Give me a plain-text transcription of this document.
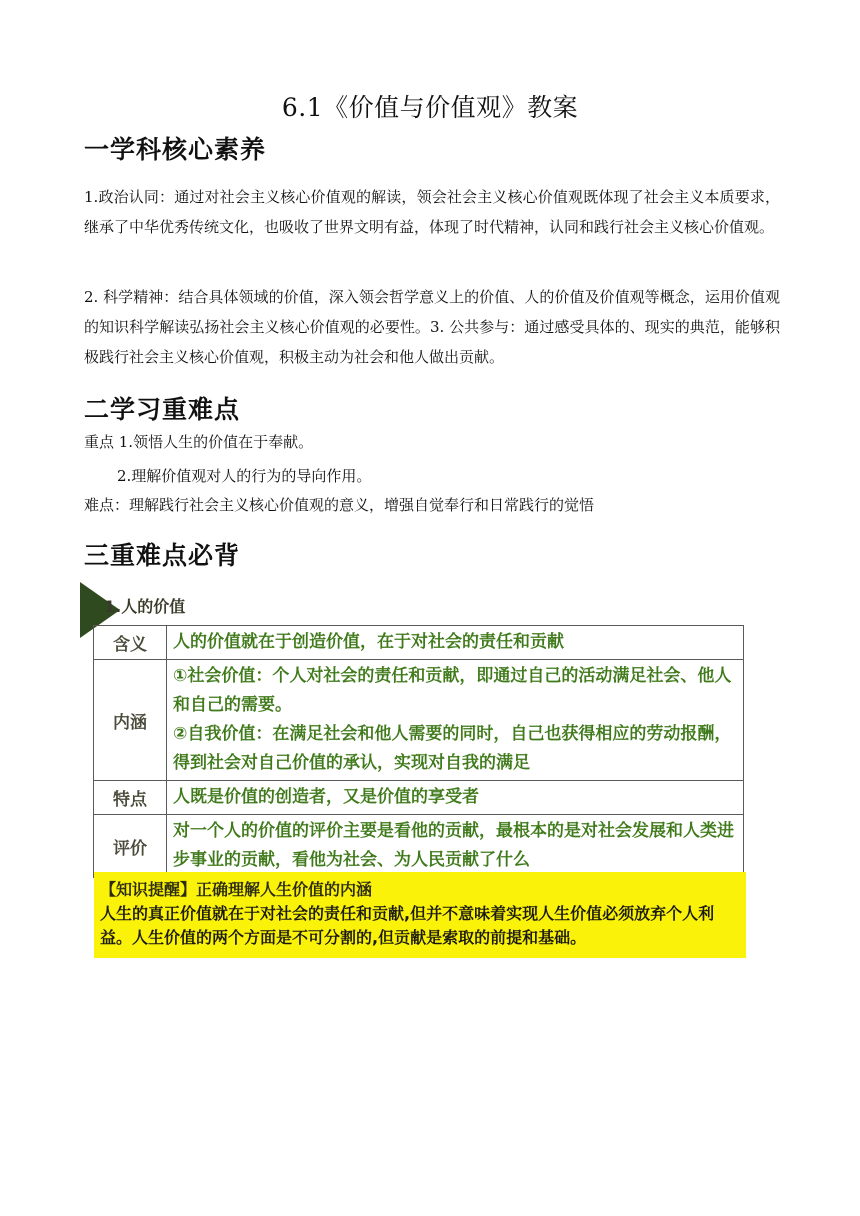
6.1《价值与价值观》教案
一学科核心素养
1.政治认同：通过对社会主义核心价值观的解读，领会社会主义核心价值观既体现了社会主义本质要求，继承了中华优秀传统文化，也吸收了世界文明有益，体现了时代精神，认同和践行社会主义核心价值观。
2. 科学精神：结合具体领域的价值，深入领会哲学意义上的价值、人的价值及价值观等概念，运用价值观的知识科学解读弘扬社会主义核心价值观的必要性。3. 公共参与：通过感受具体的、现实的典范，能够积极践行社会主义核心价值观，积极主动为社会和他人做出贡献。
二学习重难点
重点 1.领悟人生的价值在于奉献。
2.理解价值观对人的行为的导向作用。
难点：理解践行社会主义核心价值观的意义，增强自觉奉行和日常践行的觉悟
三重难点必背
1.人的价值
含义	人的价值就在于创造价值，在于对社会的责任和贡献
内涵	①社会价值：个人对社会的责任和贡献，即通过自己的活动满足社会、他人和自己的需要。
②自我价值：在满足社会和他人需要的同时，自己也获得相应的劳动报酬，得到社会对自己价值的承认，实现对自我的满足

特点	人既是价值的创造者，又是价值的享受者
评价	对一个人的价值的评价主要是看他的贡献，最根本的是对社会发展和人类进步事业的贡献，看他为社会、为人民贡献了什么
【知识提醒】正确理解人生价值的内涵
人生的真正价值就在于对社会的责任和贡献,但并不意味着实现人生价值必须放弃个人利益。人生价值的两个方面是不可分割的,但贡献是索取的前提和基础。
